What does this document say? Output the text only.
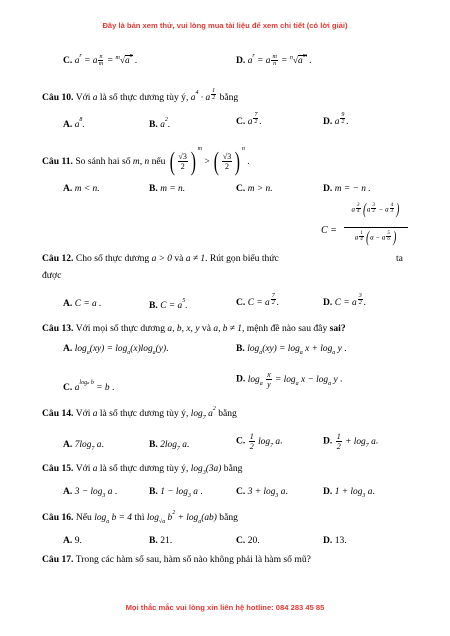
Đây là bản xem thử, vui lòng mua tài liệu để xem chi tiết (có lời giải)
C. $a^r = a \frac{n}{m} = ^m√a^n$ .	D. $a^r = a \frac{m}{n} = ^n√a^m$ .
Câu 10. Với a là số thực dương tùy ý, $a^4 \cdot a \frac{1}{2}$ bằng
A. $a^8$.	B. $a^2$.	C. a $\frac{7}{2}$ .	D. a $\frac{9}{2}$ .
Câu 11. So sánh hai số m, n nếu ( $\frac{√3}{2}$ ) $^m$ > ( $\frac{√3}{2}$ ) $^n$ .
A. m < n.	B. m = n.	C. m > n.	D. m = − n .
C =
a $\frac{3}{4} (a \frac{3}{2} - a \frac{4}{3}$ )
a $\frac{1}{4} (a - a \frac{5}{6}$ )
Câu 12. Cho số thực dương a > 0 và a ≠ 1. Rút gọn biểu thức	ta
được
A. C = a .	B. $C = a^5$.	C. C = a $\frac{7}{2}$ .	D. C = a $\frac{3}{2}$ .
Câu 13. Với mọi số thực dương a, b, x, y và a, b ≠ 1, mệnh đề nào sau đây sai?
A. $\log_a(xy) = \log_a(x)\log_a(y)$.	B. $\log_a(xy) = \log_a x + \log_a y$ .
C. $a^{loga b} = b$ .
D. $\log_a \frac{x}{y} = \log_a x - \log_a y$ .
Câu 14. Với a là số thực dương tùy ý, $\log_7 a^2$ bằng
A. $7\log_7$ a.	B. $2\log_7$ a.	C. $\frac{1}{2} \log_7 a$.	D. $\frac{1}{2} + \log_7 a$.
Câu 15. Với a là số thực dương tùy ý, $\log_3(3a)$ bằng
A. $3 - \log_3 a$ .	B. $1 - \log_3 a$ .	C. $3 + \log_3 a$.	D. $1 + \log_3 a$.
Câu 16. Nếu $\log_a b = 4$ thì $\log_{√a} b^2 + \log_a(ab)$ bằng
A. 9.	B. 21.	C. 20.	D. 13.
Câu 17. Trong các hàm số sau, hàm số nào không phải là hàm số mũ?
Mọi thắc mắc vui lòng xin liên hệ hotline: 084 283 45 85
